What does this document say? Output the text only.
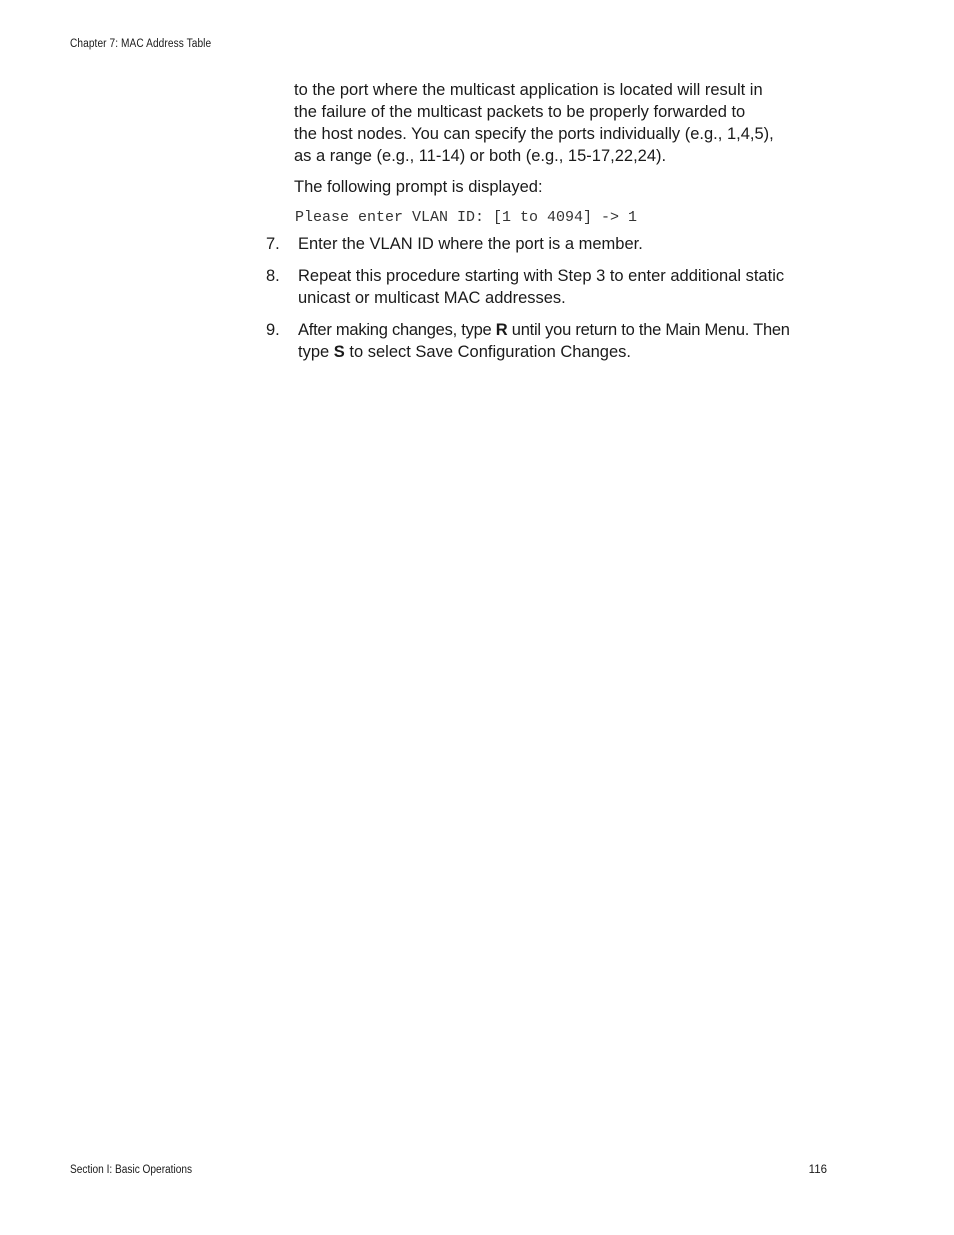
Chapter 7: MAC Address Table
to the port where the multicast application is located will result in
the failure of the multicast packets to be properly forwarded to
the host nodes. You can specify the ports individually (e.g., 1,4,5),
as a range (e.g., 11-14) or both (e.g., 15-17,22,24).
The following prompt is displayed:
Please enter VLAN ID: [1 to 4094] -> 1
7.	Enter the VLAN ID where the port is a member.
8.	Repeat this procedure starting with Step 3 to enter additional static
unicast or multicast MAC addresses.
9.	After making changes, type R until you return to the Main Menu. Then
type S to select Save Configuration Changes.
Section I: Basic Operations	116
